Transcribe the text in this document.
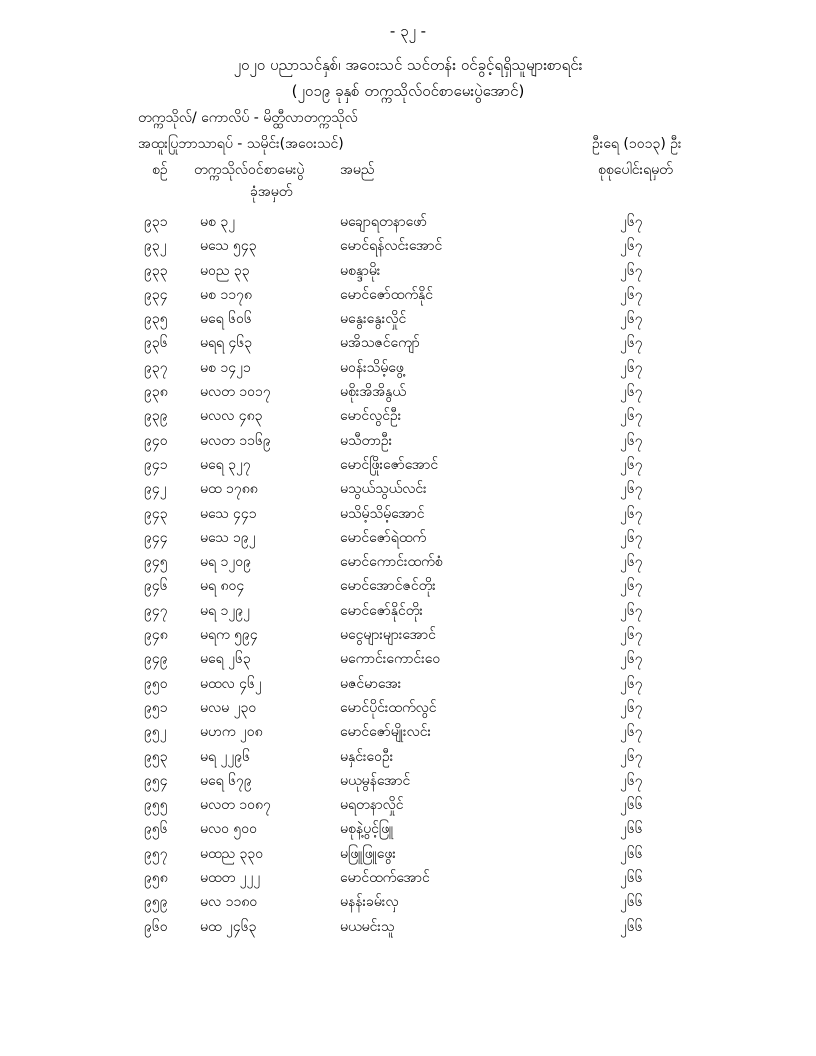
- ၃၂ -
၂၀၂၀ ပညာသင်နှစ်၊ အဝေးသင် သင်တန်း ဝင်ခွင့်ရရှိသူများစာရင်း
(၂၀၁၉ ခုနှစ် တက္ကသိုလ်ဝင်စာမေးပွဲအောင်)
တက္ကသိုလ်/ ကောလိပ် - မိတ္ထီလာတက္ကသိုလ်
အထူးပြုဘာသာရပ် - သမိုင်း(အဝေးသင်)	ဦးရေ (၁၀၁၃) ဦး
စဉ် တက္ကသိုလ်ဝင်စာမေးပွဲ
ခုံအမှတ်
အမည်	စုစုပေါင်းရမှတ်
၉၃၁ မစ ၃၂	မချောရတနာဖော်	၂၆၇
၉၃၂ မသေ ၅၄၃	မောင်ရန်လင်းအောင်	၂၆၇
၉၃၃ မဝည ၃၃	မစန္ဒာမိုး	၂၆၇
၉၃၄ မစ ၁၁၇၈	မောင်ဇော်ထက်နိုင်	၂၆၇
၉၃၅ မရေ ၆၀၆	မနွေးနွေးလှိုင်	၂၆၇
၉၃၆ မရရ ၄၆၃	မအိသဇင်ကျော်	၂၆၇
၉၃၇ မစ ၁၄၂၁	မဝန်းသိမ့်ဖွေ့	၂၆၇
၉၃၈ မလတ ၁၀၁၇	မစိုးအိအိနွယ်	၂၆၇
၉၃၉ မလလ ၄၈၃	မောင်လွင်ဦး	၂၆၇
၉၄၀ မလတ ၁၁၆၉	မသီတာဦး	၂၆၇
၉၄၁ မရေ ၃၂၇	မောင်ဖြိုးဇော်အောင်	၂၆၇
၉၄၂ မထ ၁၇၈၈	မသွယ်သွယ်လင်း	၂၆၇
၉၄၃ မသေ ၄၄၁	မသိမ့်သိမ့်အောင်	၂၆၇
၉၄၄ မသေ ၁၉၂	မောင်ဇော်ရဲထက်	၂၆၇
၉၄၅ မရ ၁၂၀၉	မောင်ကောင်းထက်စံ	၂၆၇
၉၄၆ မရ ၈၀၄	မောင်အောင်ဇင်တိုး	၂၆၇
၉၄၇ မရ ၁၂၉၂	မောင်ဇော်နိုင်တိုး	၂၆၇
၉၄၈ မရက ၅၉၄	မငွေများများအောင်	၂၆၇
၉၄၉ မရေ ၂၆၃	မကောင်းကောင်းဝေ	၂၆၇
၉၅၀ မထလ ၄၆၂	မဇင်မာအေး	၂၆၇
၉၅၁ မလမ ၂၃၀	မောင်ပိုင်းထက်လွင်	၂၆၇
၉၅၂ မဟက ၂၀၈	မောင်ဇော်မျိုးလင်း	၂၆၇
၉၅၃ မရ ၂၂၉၆	မနှင်းဝေဦး	၂၆၇
၉၅၄ မရေ ၆၇၉	မယုမွန်အောင်	၂၆၇
၉၅၅ မလတ ၁၀၈၇	မရတနာလှိုင်	၂၆၆
၉၅၆ မလဝ ၅၀၀	မစုနဲ့ပွင့်ဖြူ	၂၆၆
၉၅၇ မထည ၃၃၀	မဖြူဖြူဖွေး	၂၆၆
၉၅၈ မထတ ၂၂၂	မောင်ထက်အောင်	၂၆၆
၉၅၉ မလ ၁၁၈၀	မနန်းခမ်းလှ	၂၆၆
၉၆၀ မထ ၂၄၆၃	မယမင်းသူ	၂၆၆
